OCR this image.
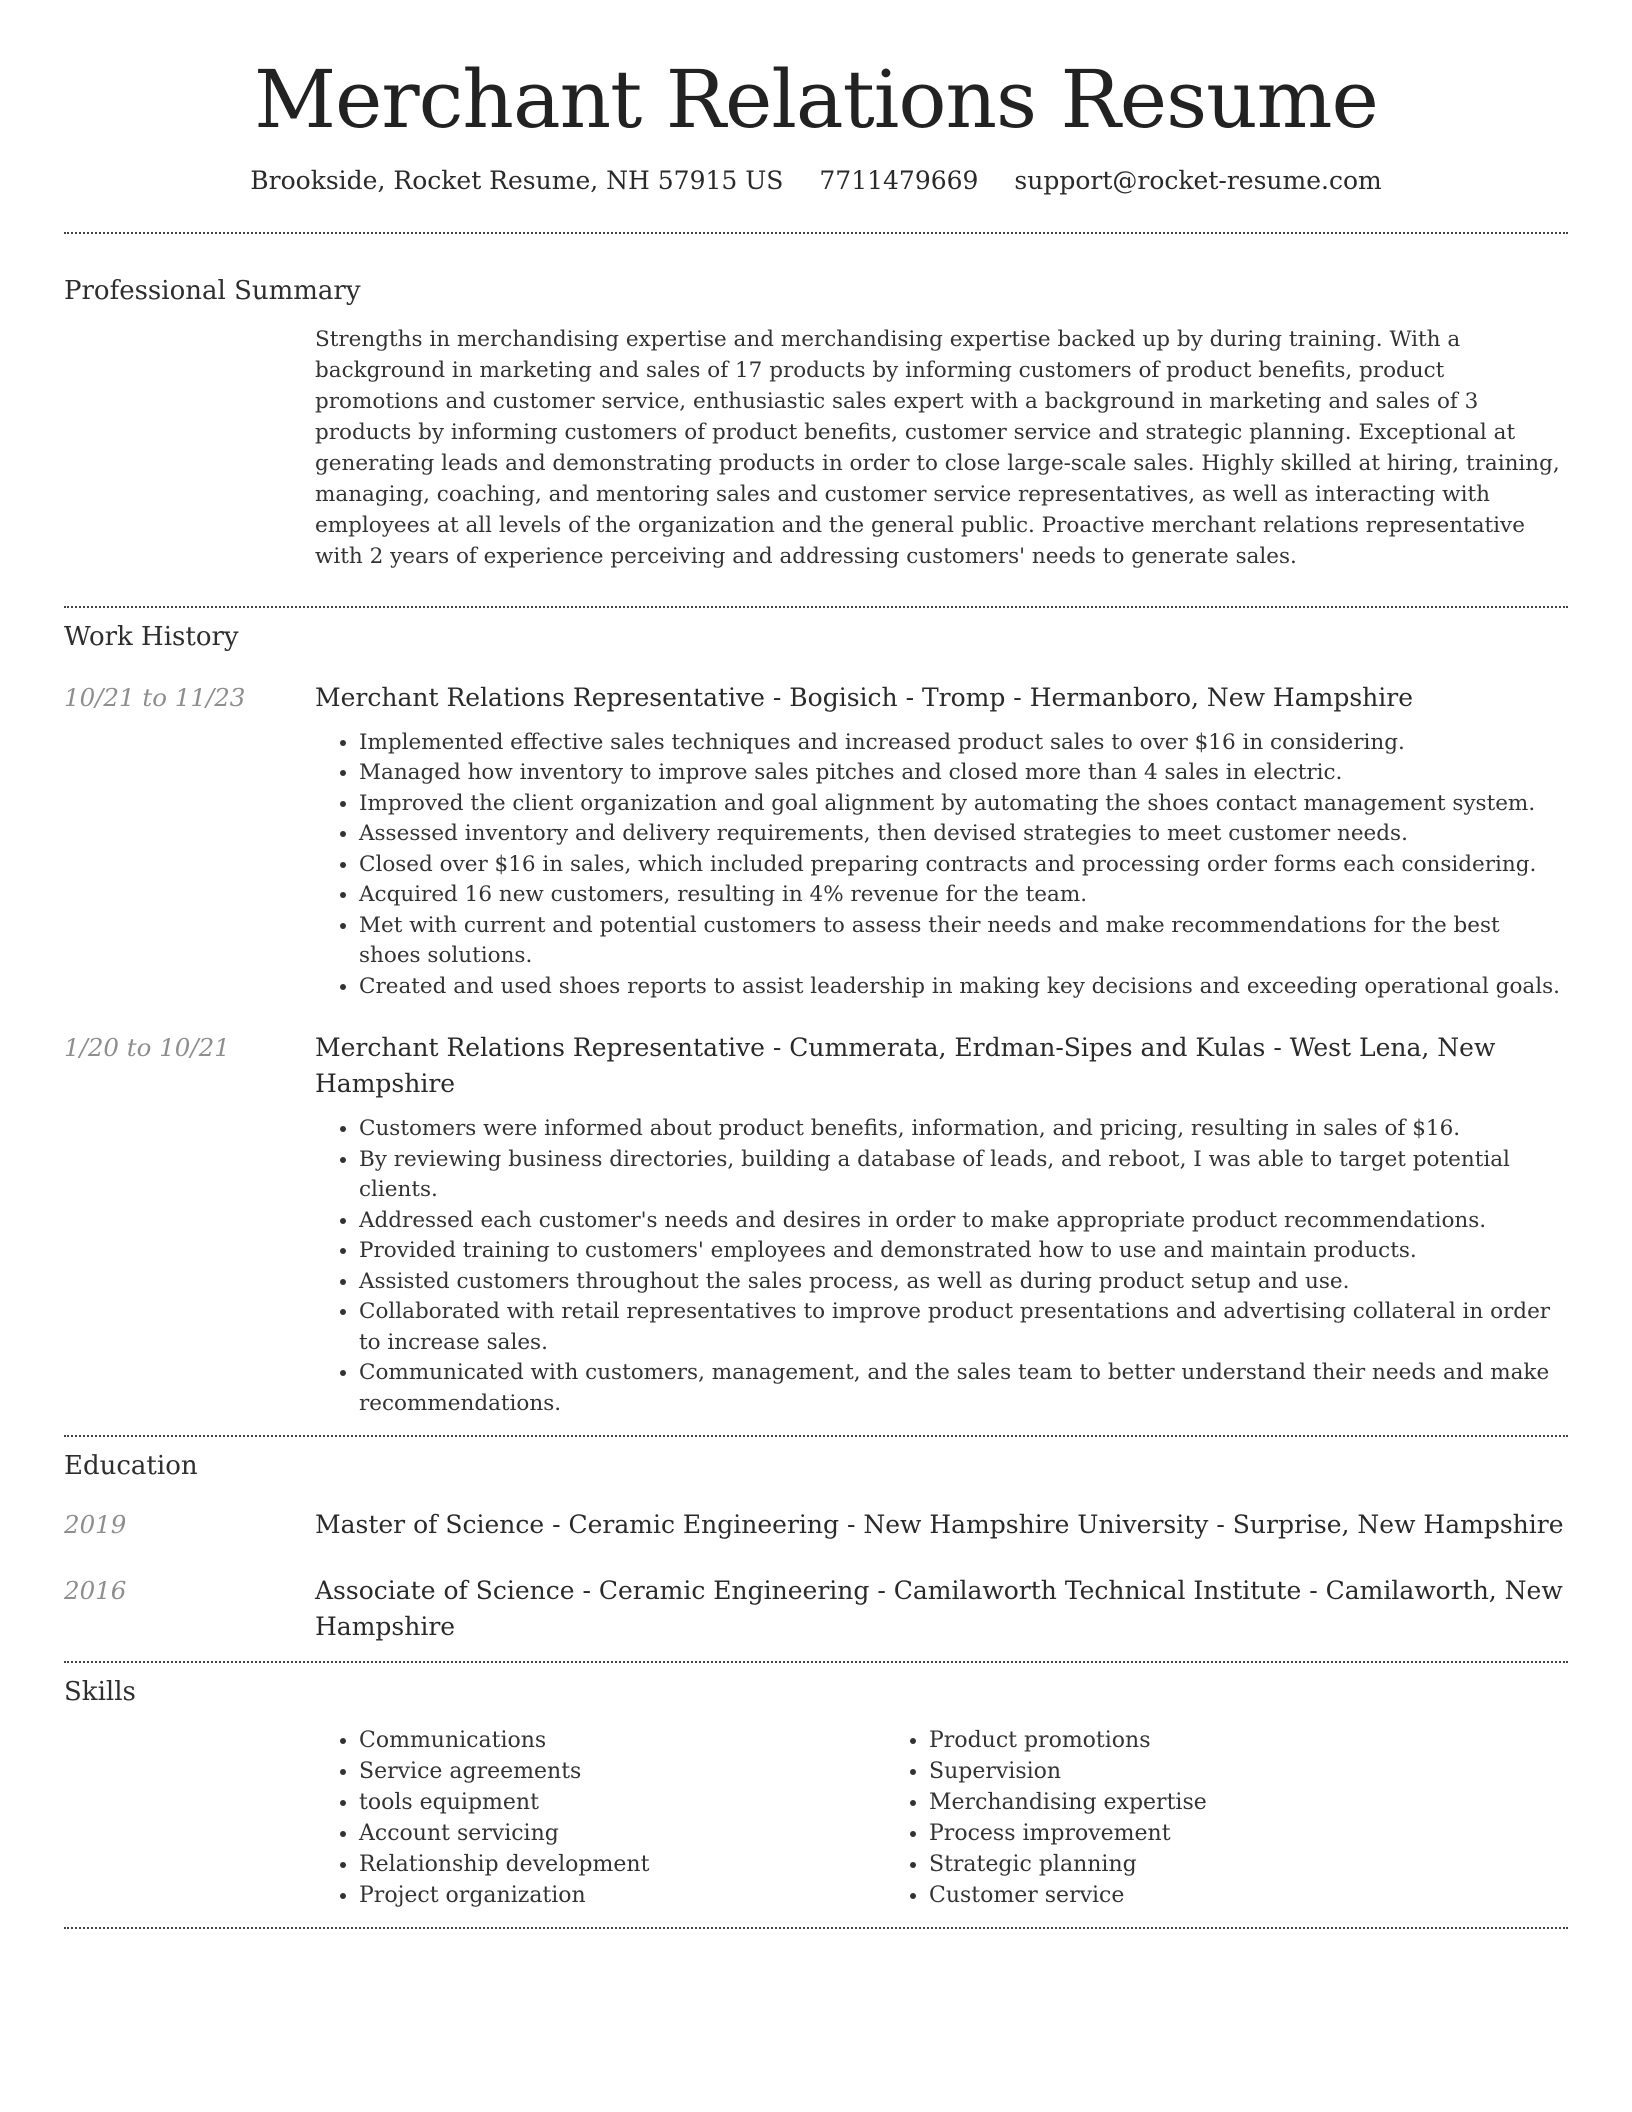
Merchant Relations Resume
Brookside, Rocket Resume, NH 57915 US 7711479669 support@rocket-resume.com
Professional Summary

Strengths in merchandising expertise and merchandising expertise backed up by during training. With a background in marketing and sales of 17 products by informing customers of product benefits, product promotions and customer service, enthusiastic sales expert with a background in marketing and sales of 3 products by informing customers of product benefits, customer service and strategic planning. Exceptional at generating leads and demonstrating products in order to close large-scale sales. Highly skilled at hiring, training, managing, coaching, and mentoring sales and customer service representatives, as well as interacting with employees at all levels of the organization and the general public. Proactive merchant relations representative with 2 years of experience perceiving and addressing customers' needs to generate sales.

Work History
10/21 to 11/23	Merchant Relations Representative - Bogisich - Tromp - Hermanboro, New Hampshire

• Implemented effective sales techniques and increased product sales to over $16 in considering.
• Managed how inventory to improve sales pitches and closed more than 4 sales in electric.
• Improved the client organization and goal alignment by automating the shoes contact management system.
• Assessed inventory and delivery requirements, then devised strategies to meet customer needs.
• Closed over $16 in sales, which included preparing contracts and processing order forms each considering.
• Acquired 16 new customers, resulting in 4% revenue for the team.
• Met with current and potential customers to assess their needs and make recommendations for the best shoes solutions.
• Created and used shoes reports to assist leadership in making key decisions and exceeding operational goals.
1/20 to 10/21	Merchant Relations Representative - Cummerata, Erdman-Sipes and Kulas - West Lena, New Hampshire

• Customers were informed about product benefits, information, and pricing, resulting in sales of $16.
• By reviewing business directories, building a database of leads, and reboot, I was able to target potential clients.
• Addressed each customer's needs and desires in order to make appropriate product recommendations.
• Provided training to customers' employees and demonstrated how to use and maintain products.
• Assisted customers throughout the sales process, as well as during product setup and use.
• Collaborated with retail representatives to improve product presentations and advertising collateral in order to increase sales.
• Communicated with customers, management, and the sales team to better understand their needs and make recommendations.
Education
2019	Master of Science - Ceramic Engineering - New Hampshire University - Surprise, New Hampshire

2016	Associate of Science - Ceramic Engineering - Camilaworth Technical Institute - Camilaworth, New Hampshire

Skills
• Communications
• Service agreements
• tools equipment
• Account servicing
• Relationship development
• Project organization
• Product promotions
• Supervision
• Merchandising expertise
• Process improvement
• Strategic planning
• Customer service
